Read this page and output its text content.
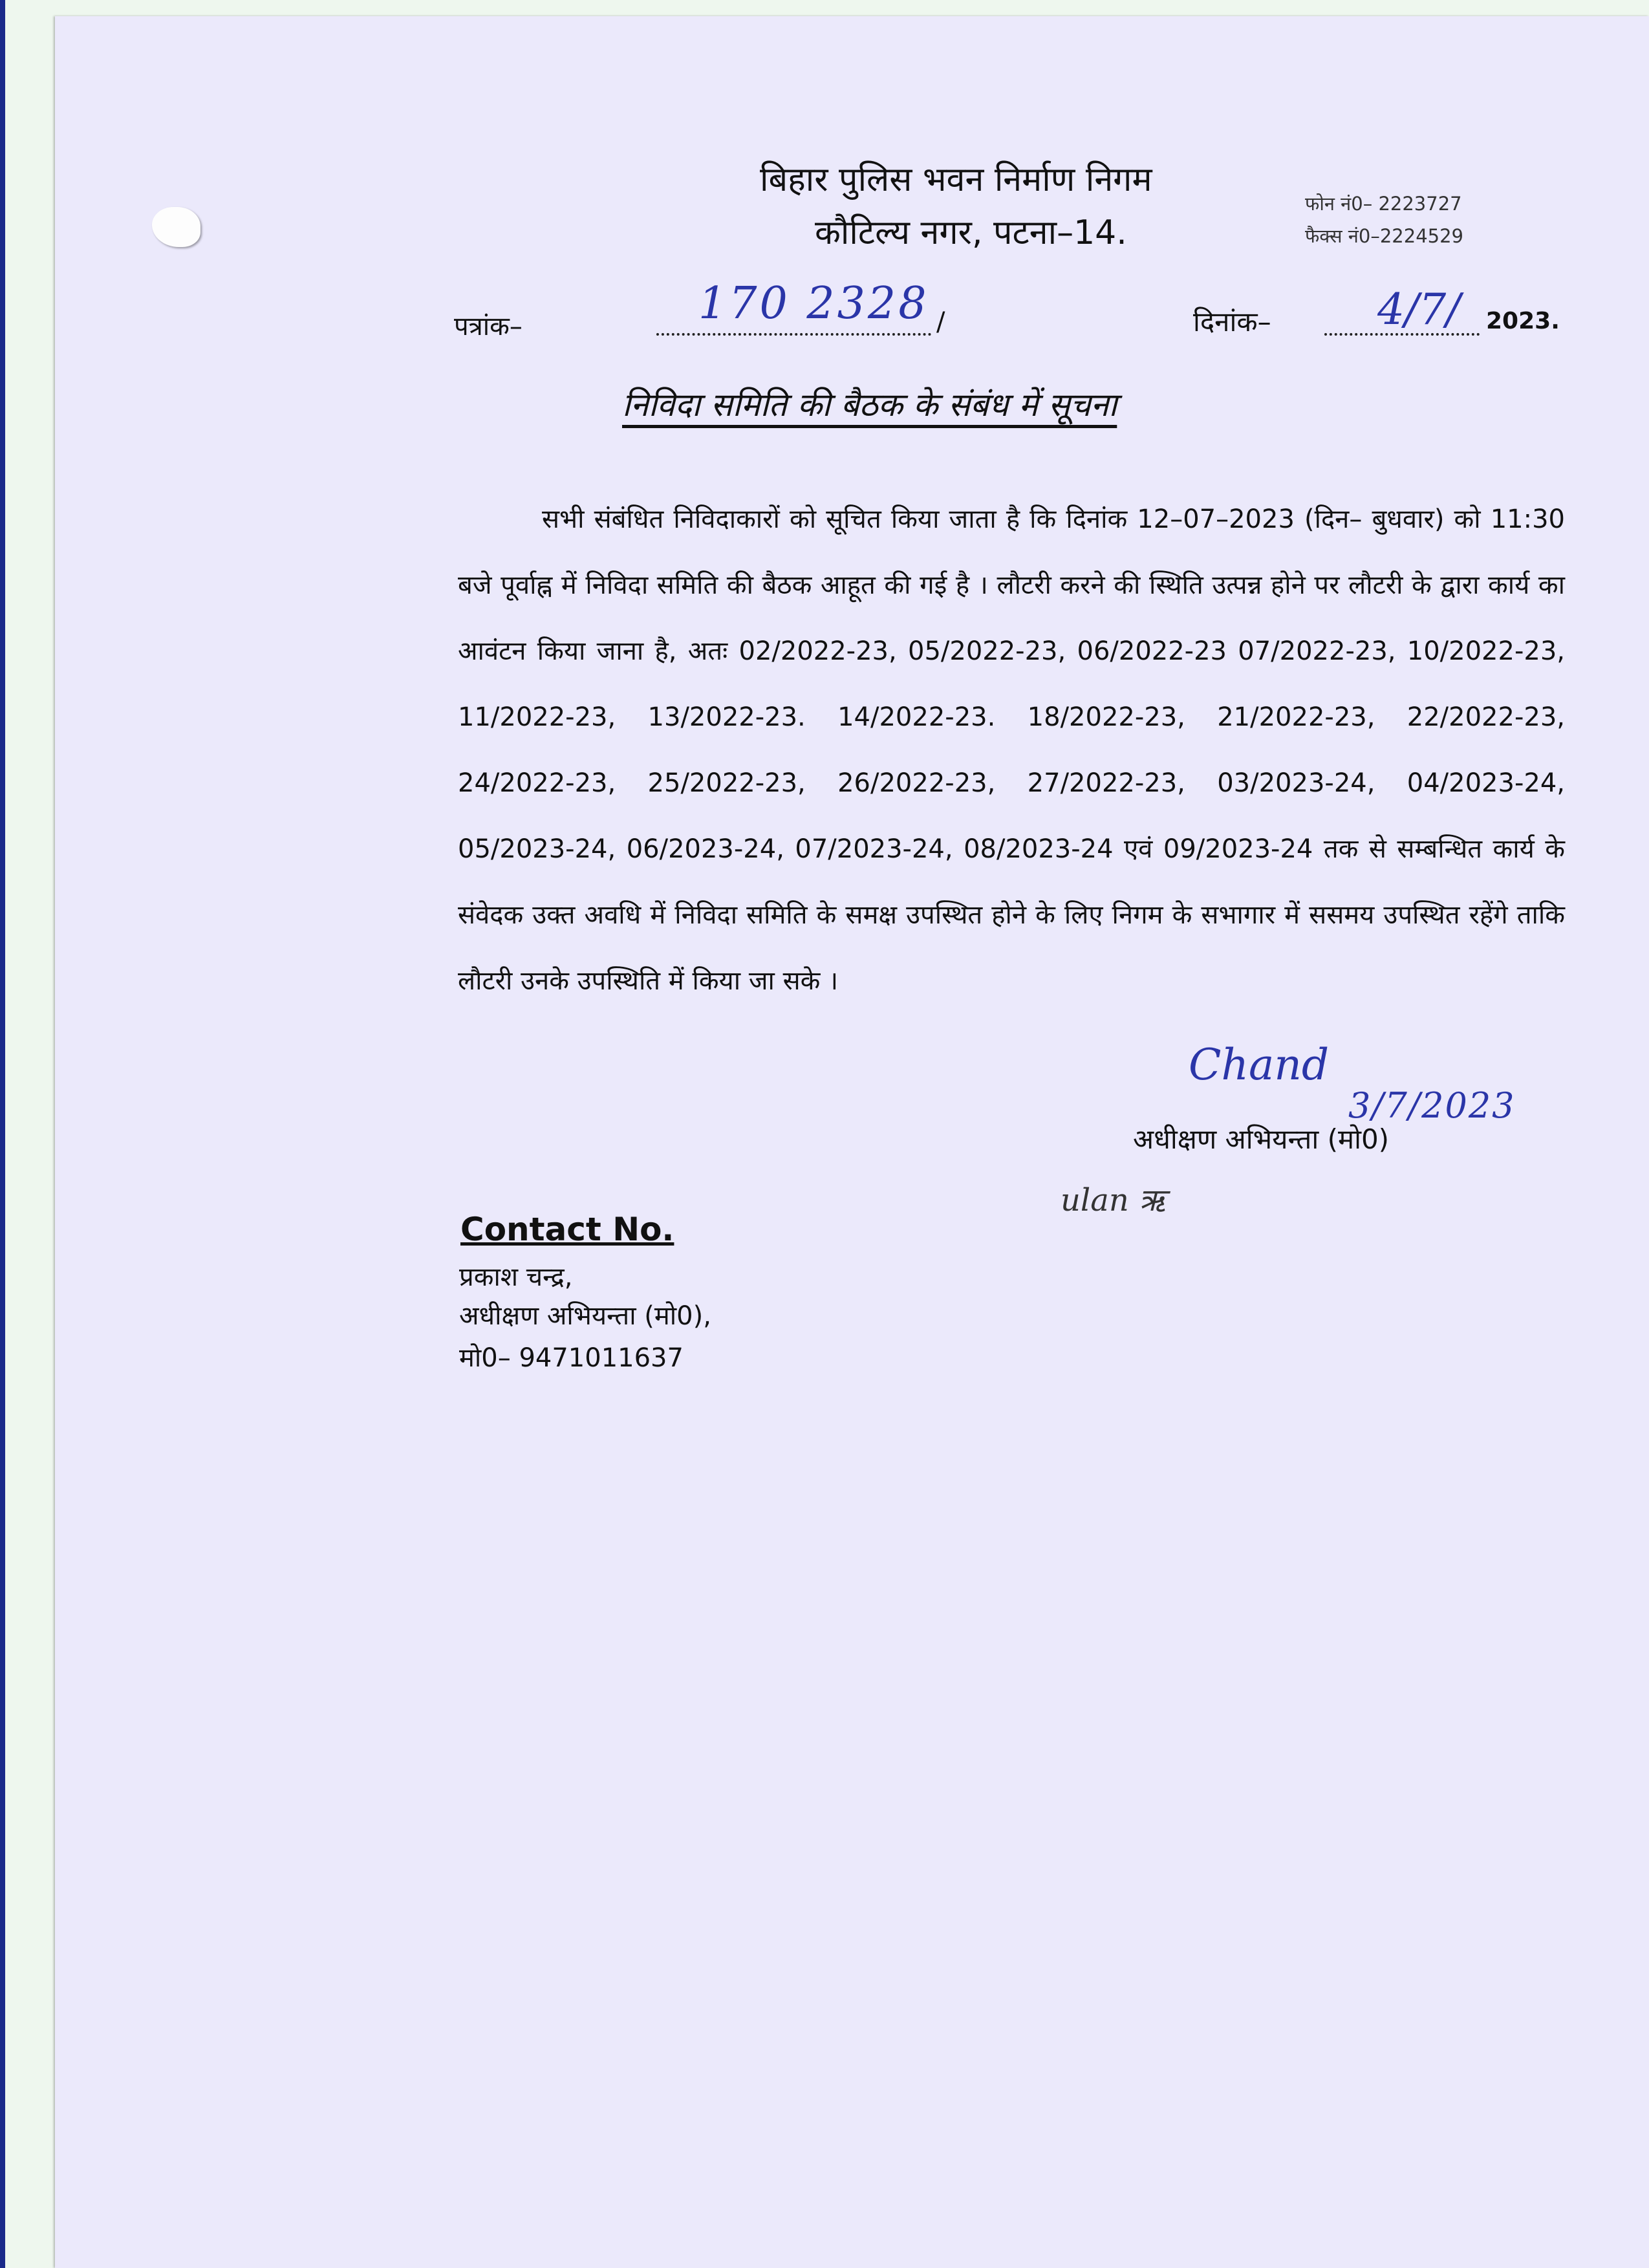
बिहार पुलिस भवन निर्माण निगम
कौटिल्य नगर, पटना–14.
फोन नं0– 2223727
फैक्स नं0–2224529
पत्रांक–	170 2328 /	दिनांक– 4/7/ 2023.
निविदा समिति की बैठक के संबंध में सूचना
सभी संबंधित निविदाकारों को सूचित किया जाता है कि दिनांक 12–07–2023 (दिन– बुधवार) को 11:30 बजे पूर्वाह्न में निविदा समिति की बैठक आहूत की गई है । लौटरी करने की स्थिति उत्पन्न होने पर लौटरी के द्वारा कार्य का आवंटन किया जाना है, अतः 02/2022-23, 05/2022-23, 06/2022-23 07/2022-23, 10/2022-23, 11/2022-23, 13/2022-23. 14/2022-23. 18/2022-23, 21/2022-23, 22/2022-23, 24/2022-23, 25/2022-23, 26/2022-23, 27/2022-23, 03/2023-24, 04/2023-24, 05/2023-24, 06/2023-24, 07/2023-24, 08/2023-24 एवं 09/2023-24 तक से सम्बन्धित कार्य के संवेदक उक्त अवधि में निविदा समिति के समक्ष उपस्थित होने के लिए निगम के सभागार में ससमय उपस्थित रहेंगे ताकि लौटरी उनके उपस्थिति में किया जा सके ।
Chand
3/7/2023
अधीक्षण अभियन्ता (मो0)
ulan ऋ
Contact No.
प्रकाश चन्द्र,
अधीक्षण अभियन्ता (मो0),
मो0– 9471011637
